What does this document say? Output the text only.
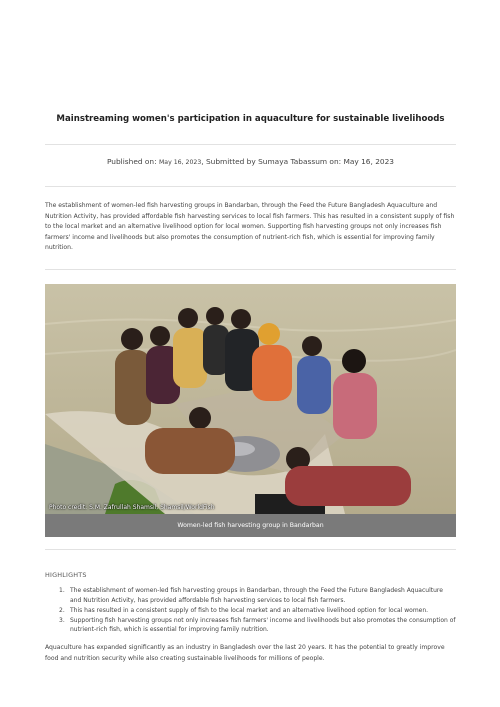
Mainstreaming women's participation in aquaculture for sustainable livelihoods
Published on: May 16, 2023, Submitted by Sumaya Tabassum on: May 16, 2023

The establishment of women-led fish harvesting groups in Bandarban, through the Feed the Future Bangladesh Aquaculture and Nutrition Activity, has provided affordable fish harvesting services to local fish farmers. This has resulted in a consistent supply of fish to the local market and an alternative livelihood option for local women. Supporting fish harvesting groups not only increases fish farmers' income and livelihoods but also promotes the consumption of nutrient-rich fish, which is essential for improving family nutrition.

Photo credit: S.M. Zafrullah Shamsil, Shamsil/WorldFish
Women-led fish harvesting group in Bandarban
HIGHLIGHTS
1. The establishment of women-led fish harvesting groups in Bandarban, through the Feed the Future Bangladesh Aquaculture and Nutrition Activity, has provided affordable fish harvesting services to local fish farmers.
2. This has resulted in a consistent supply of fish to the local market and an alternative livelihood option for local women.
3. Supporting fish harvesting groups not only increases fish farmers' income and livelihoods but also promotes the consumption of nutrient-rich fish, which is essential for improving family nutrition.

Aquaculture has expanded significantly as an industry in Bangladesh over the last 20 years. It has the potential to greatly improve food and nutrition security while also creating sustainable livelihoods for millions of people.
